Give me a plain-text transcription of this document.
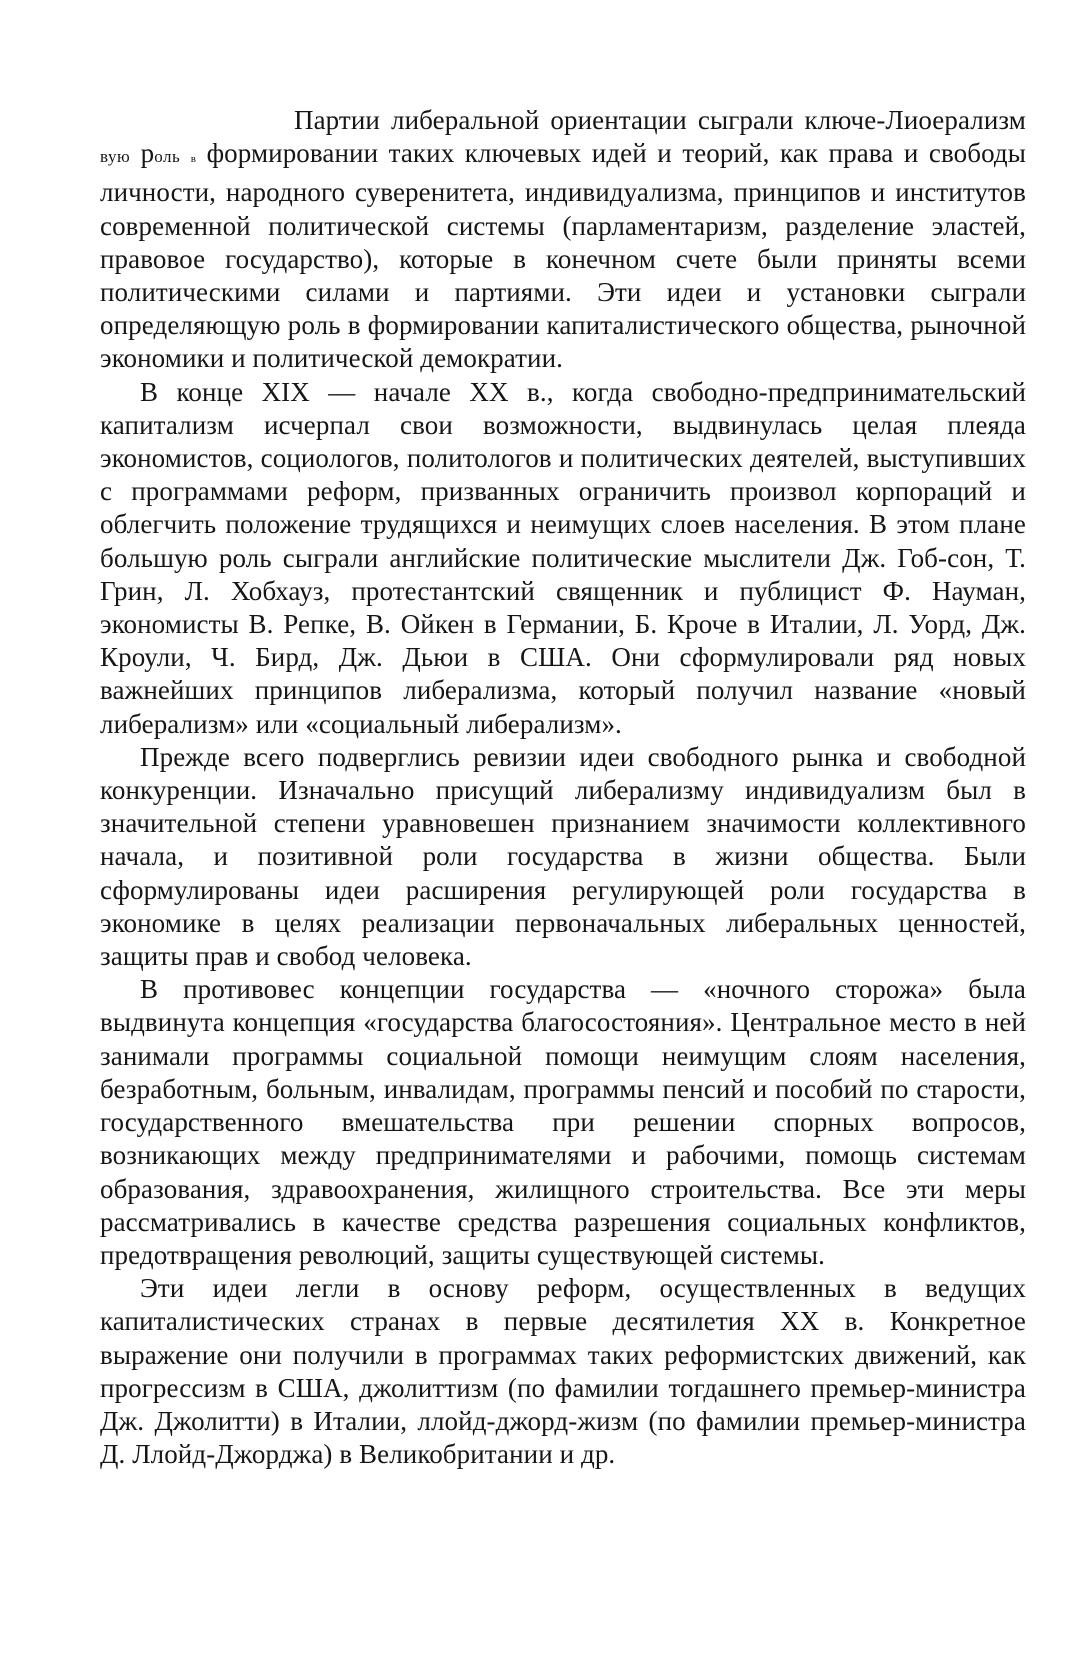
Партии либеральной ориентации сыграли ключе-Лиоерализм вую роль в формировании таких ключевых идей и теорий, как права и свободы личности, народного суверенитета, индивидуализма, принципов и институтов современной политической системы (парламентаризм, разделение эластей, правовое государство), которые в конечном счете были приняты всеми политическими силами и партиями. Эти идеи и установки сыграли определяющую роль в формировании капиталистического общества, рыночной экономики и политической демократии.

В конце XIX — начале XX в., когда свободно-предпринимательский капитализм исчерпал свои возможности, выдвинулась целая плеяда экономистов, социологов, политологов и политических деятелей, выступивших с программами реформ, призванных ограничить произвол корпораций и облегчить положение трудящихся и неимущих слоев населения. В этом плане большую роль сыграли английские политические мыслители Дж. Гоб-сон, Т. Грин, Л. Хобхауз, протестантский священник и публицист Ф. Науман, экономисты В. Репке, В. Ойкен в Германии, Б. Кроче в Италии, Л. Уорд, Дж. Кроули, Ч. Бирд, Дж. Дьюи в США. Они сформулировали ряд новых важнейших принципов либерализма, который получил название «новый либерализм» или «социальный либерализм».

Прежде всего подверглись ревизии идеи свободного рынка и свободной конкуренции. Изначально присущий либерализму индивидуализм был в значительной степени уравновешен признанием значимости коллективного начала, и позитивной роли государства в жизни общества. Были сформулированы идеи расширения регулирующей роли государства в экономике в целях реализации первоначальных либеральных ценностей, защиты прав и свобод человека.

В противовес концепции государства — «ночного сторожа» была выдвинута концепция «государства благосостояния». Центральное место в ней занимали программы социальной помощи неимущим слоям населения, безработным, больным, инвалидам, программы пенсий и пособий по старости, государственного вмешательства при решении спорных вопросов, возникающих между предпринимателями и рабочими, помощь системам образования, здравоохранения, жилищного строительства. Все эти меры рассматривались в качестве средства разрешения социальных конфликтов, предотвращения революций, защиты существующей системы.

Эти идеи легли в основу реформ, осуществленных в ведущих капиталистических странах в первые десятилетия XX в. Конкретное выражение они получили в программах таких реформистских движений, как прогрессизм в США, джолиттизм (по фамилии тогдашнего премьер-министра Дж. Джолитти) в Италии, ллойд-джорд-жизм (по фамилии премьер-министра Д. Ллойд-Джорджа) в Великобритании и др.
